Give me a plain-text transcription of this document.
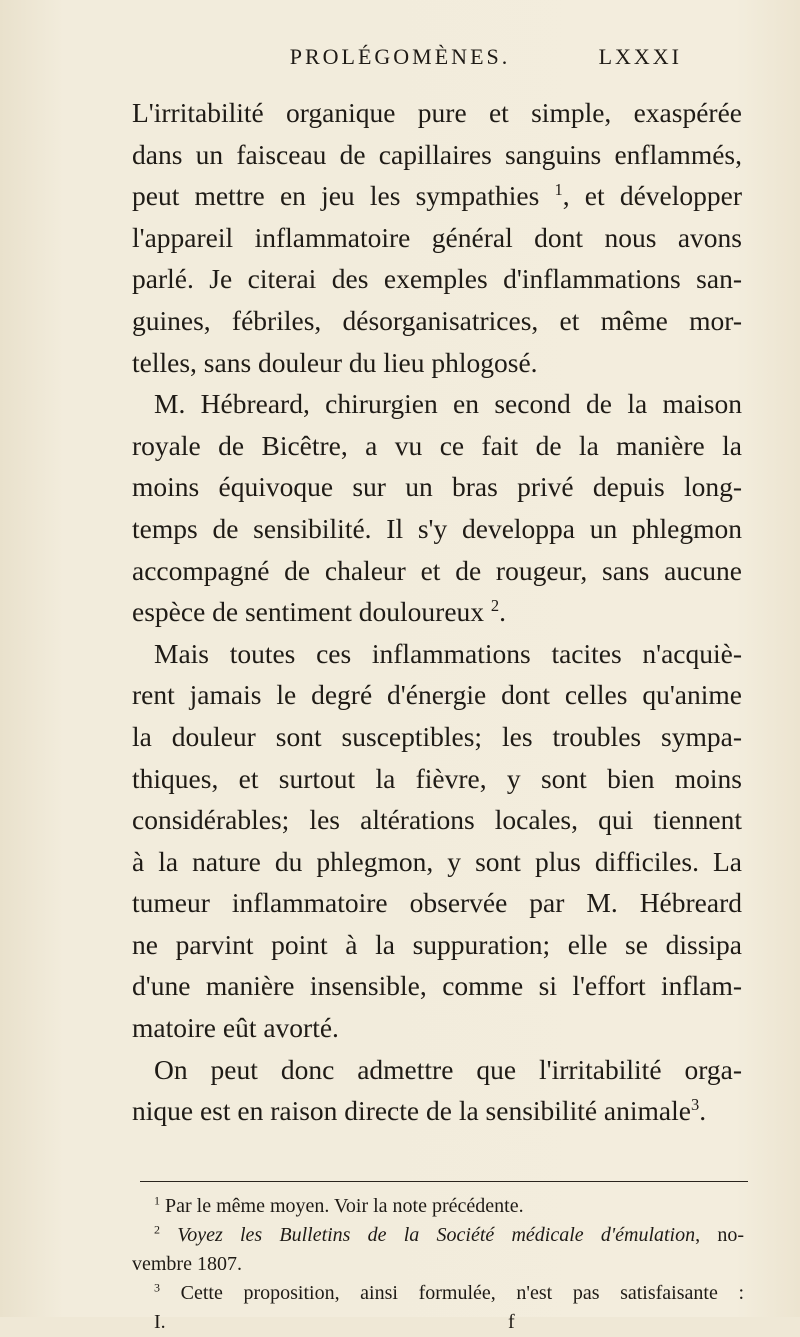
PROLÉGOMÈNES.	LXXXI
L'irritabilité organique pure et simple, exaspérée
dans un faisceau de capillaires sanguins enflammés,
peut mettre en jeu les sympathies $^1$, et développer
l'appareil inflammatoire général dont nous avons
parlé. Je citerai des exemples d'inflammations san-
guines, fébriles, désorganisatrices, et même mor-
telles, sans douleur du lieu phlogosé.
M. Hébreard, chirurgien en second de la maison
royale de Bicêtre, a vu ce fait de la manière la
moins équivoque sur un bras privé depuis long-
temps de sensibilité. Il s'y developpa un phlegmon
accompagné de chaleur et de rougeur, sans aucune
espèce de sentiment douloureux $^2$.
Mais toutes ces inflammations tacites n'acquiè-
rent jamais le degré d'énergie dont celles qu'anime
la douleur sont susceptibles; les troubles sympa-
thiques, et surtout la fièvre, y sont bien moins
considérables; les altérations locales, qui tiennent
à la nature du phlegmon, y sont plus difficiles. La
tumeur inflammatoire observée par M. Hébreard
ne parvint point à la suppuration; elle se dissipa
d'une manière insensible, comme si l'effort inflam-
matoire eût avorté.
On peut donc admettre que l'irritabilité orga-
nique est en raison directe de la sensibilité animale$^3$.
$^1$ Par le même moyen. Voir la note précédente.
$^2$ Voyez les Bulletins de la Société médicale d'émulation, no-
vembre 1807.
$^3$ Cette proposition, ainsi formulée, n'est pas satisfaisante :
I.	f
